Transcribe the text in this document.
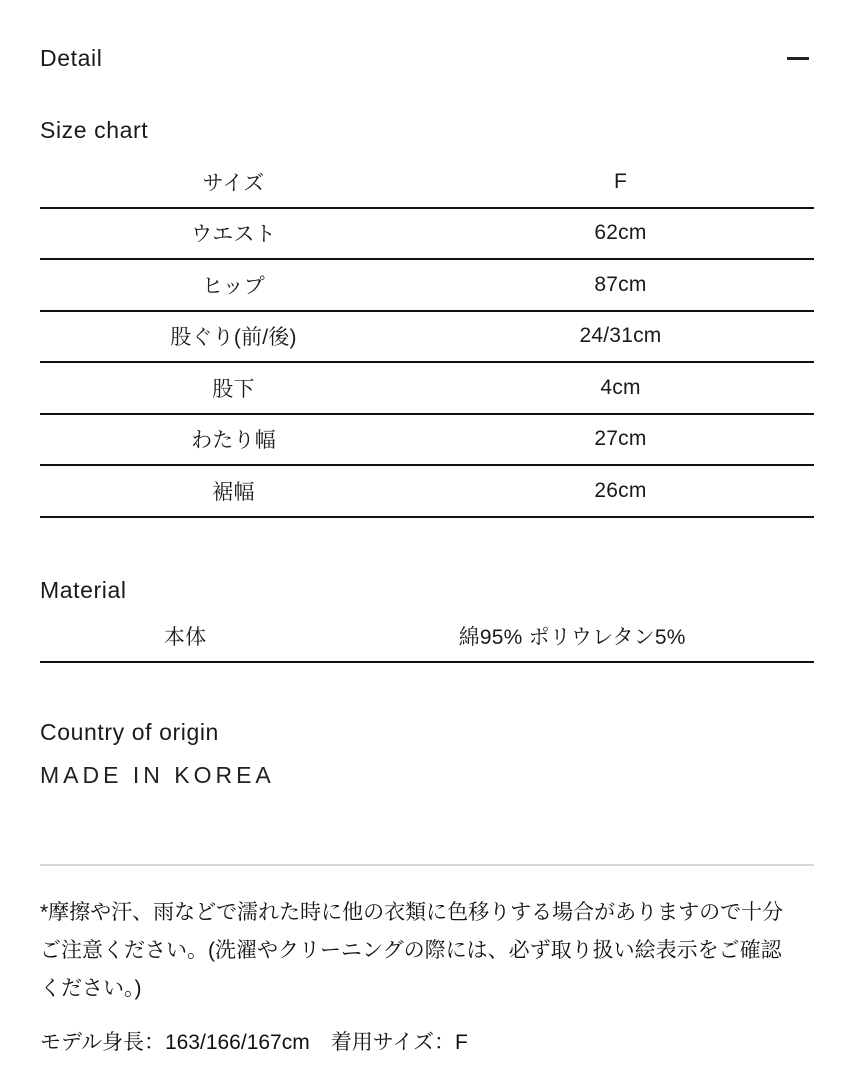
Detail
Size chart
サイズ	F
ウエスト	62cm
ヒップ	87cm
股ぐり(前/後)	24/31cm
股下	4cm
わたり幅	27cm
裾幅	26cm
Material
本体	綿95% ポリウレタン5%
Country of origin
MADE IN KOREA

*摩擦や汗、雨などで濡れた時に他の衣類に色移りする場合がありますので十分
ご注意ください。(洗濯やクリーニングの際には、必ず取り扱い絵表示をご確認
ください。)

モデル身長：163/166/167cm　着用サイズ：F
